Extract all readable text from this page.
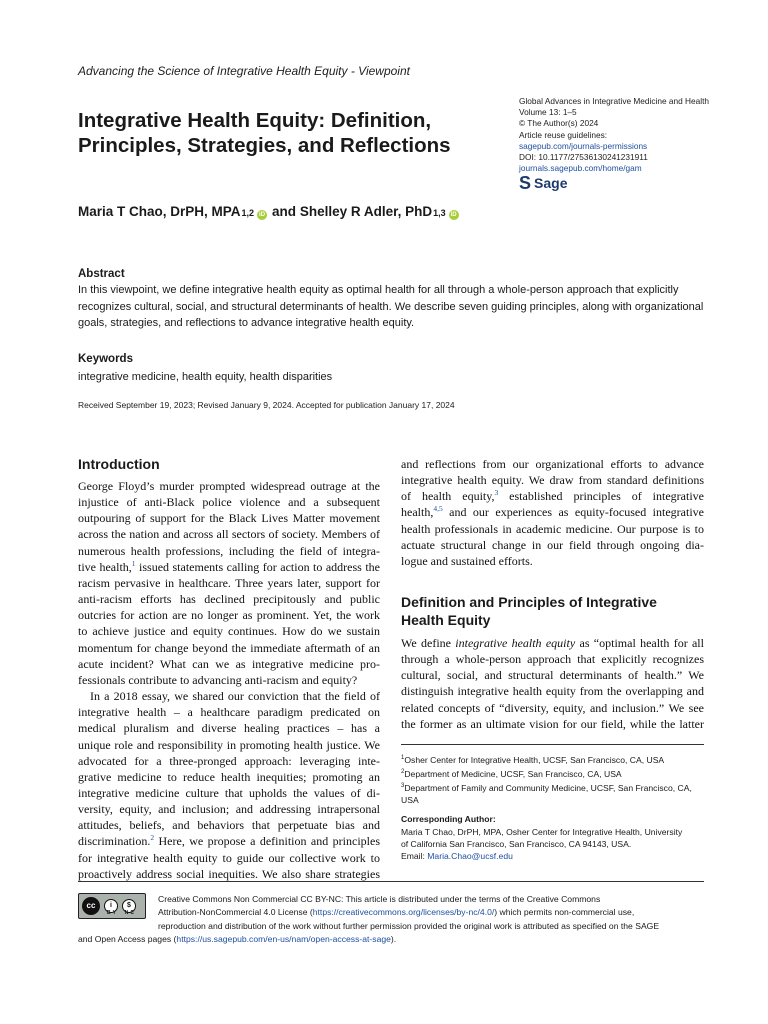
Advancing the Science of Integrative Health Equity - Viewpoint
Integrative Health Equity: Definition, Principles, Strategies, and Reflections
Global Advances in Integrative Medicine and Health
Volume 13: 1–5
© The Author(s) 2024
Article reuse guidelines:
sagepub.com/journals-permissions
DOI: 10.1177/27536130241231911
journals.sagepub.com/home/gam
S Sage
Maria T Chao, DrPH, MPA 1,2 iD and
Shelley R Adler, PhD 1,3 iD
Abstract
In this viewpoint, we define integrative health equity as optimal health for all through a whole-person approach that explicitly recognizes cultural, social, and structural determinants of health. We describe seven guiding principles, along with organizational goals, strategies, and reflections to advance integrative health equity.
Keywords
integrative medicine, health equity, health disparities
Received September 19, 2023; Revised January 9, 2024. Accepted for publication January 17, 2024
Introduction
George Floyd’s murder prompted widespread outrage at the
injustice of anti-Black police violence and a subsequent
outpouring of support for the Black Lives Matter movement
across the nation and across all sectors of society. Members of
numerous health professions, including the field of integra-
tive health,$^1$ issued statements calling for action to address the
racism pervasive in healthcare. Three years later, support for
anti-racism efforts has declined precipitously and public
outcries for action are no longer as prominent. Yet, the work
to achieve justice and equity continues. How do we sustain
momentum for change beyond the immediate aftermath of an
acute incident? What can we as integrative medicine pro-
fessionals contribute to advancing anti-racism and equity?
In a 2018 essay, we shared our conviction that the field of
integrative health – a healthcare paradigm predicated on
medical pluralism and diverse healing practices – has a
unique role and responsibility in promoting health justice. We
advocated for a three-pronged approach: leveraging inte-
grative medicine to reduce health inequities; promoting an
integrative medicine culture that upholds the values of di-
versity, equity, and inclusion; and addressing intrapersonal
attitudes, beliefs, and behaviors that perpetuate bias and
discrimination.$^2$ Here, we propose a definition and principles
for integrative health equity to guide our collective work to
proactively address social inequities. We also share strategies
and reflections from our organizational efforts to advance
integrative health equity. We draw from standard definitions
of health equity,$^3$ established principles of integrative
health,$^{4,5}$ and our experiences as equity-focused integrative
health professionals in academic medicine. Our purpose is to
actuate structural change in our field through ongoing dia-
logue and sustained efforts.
Definition and Principles of Integrative Health Equity
We define integrative health equity as “optimal health for all
through a whole-person approach that explicitly recognizes
cultural, social, and structural determinants of health.” We
distinguish integrative health equity from the overlapping and
related concepts of “diversity, equity, and inclusion.” We see
the former as an ultimate vision for our field, while the latter
$^1$Osher Center for Integrative Health, UCSF, San Francisco, CA, USA
$^2$Department of Medicine, UCSF, San Francisco, CA, USA
$^3$Department of Family and Community Medicine, UCSF, San Francisco, CA,
USA
Corresponding Author:
Maria T Chao, DrPH, MPA, Osher Center for Integrative Health, University
of California San Francisco, San Francisco, CA 94143, USA.
Email: Maria.Chao@ucsf.edu
Creative Commons Non Commercial CC BY-NC: This article is distributed under the terms of the Creative Commons
Attribution-NonCommercial 4.0 License (https://creativecommons.org/licenses/by-nc/4.0/) which permits non-commercial use,
reproduction and distribution of the work without further permission provided the original work is attributed as specified on the SAGE
and Open Access pages (https://us.sagepub.com/en-us/nam/open-access-at-sage).
cc	i	$
BY NC
